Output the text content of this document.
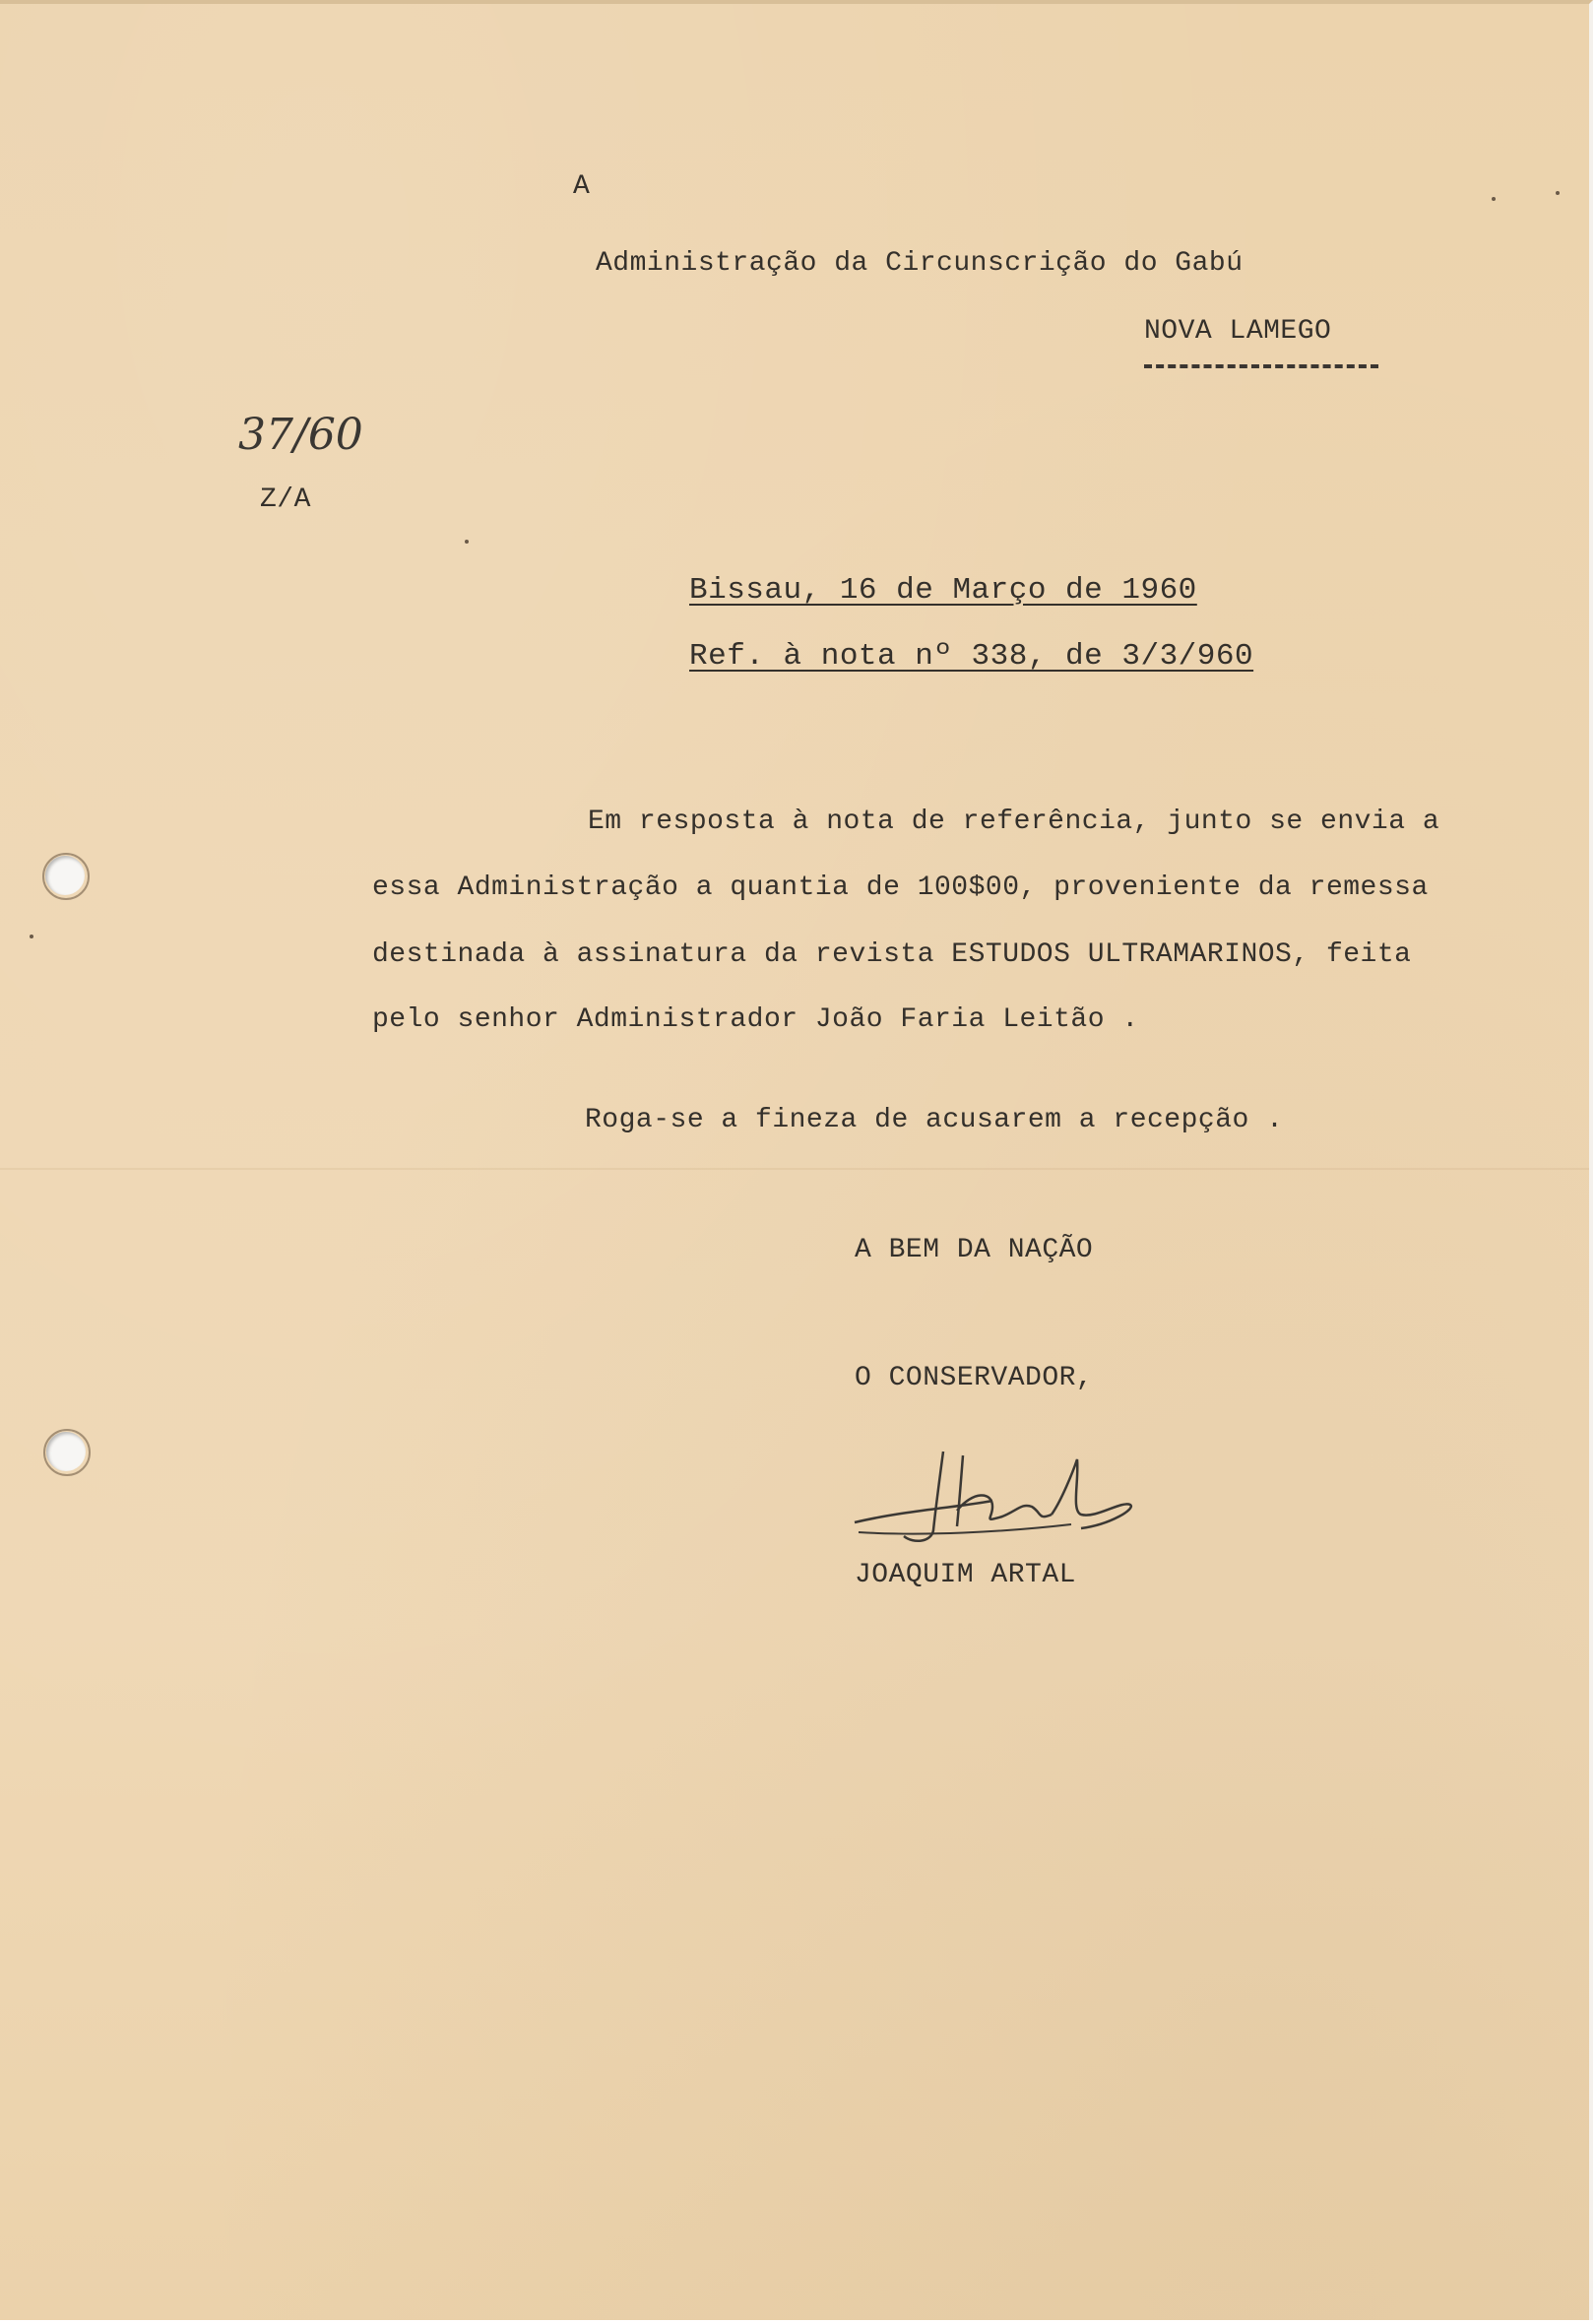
A
Administração da Circunscrição do Gabú
NOVA LAMEGO
37/60
Z/A
Bissau, 16 de Março de 1960
Ref. à nota nº 338, de 3/3/960
Em resposta à nota de referência, junto se envia a
essa Administração a quantia de 100$00, proveniente da remessa
destinada à assinatura da revista ESTUDOS ULTRAMARINOS, feita
pelo senhor Administrador João Faria Leitão .
Roga-se a fineza de acusarem a recepção .
A BEM DA NAÇÃO
O CONSERVADOR,
JOAQUIM ARTAL
